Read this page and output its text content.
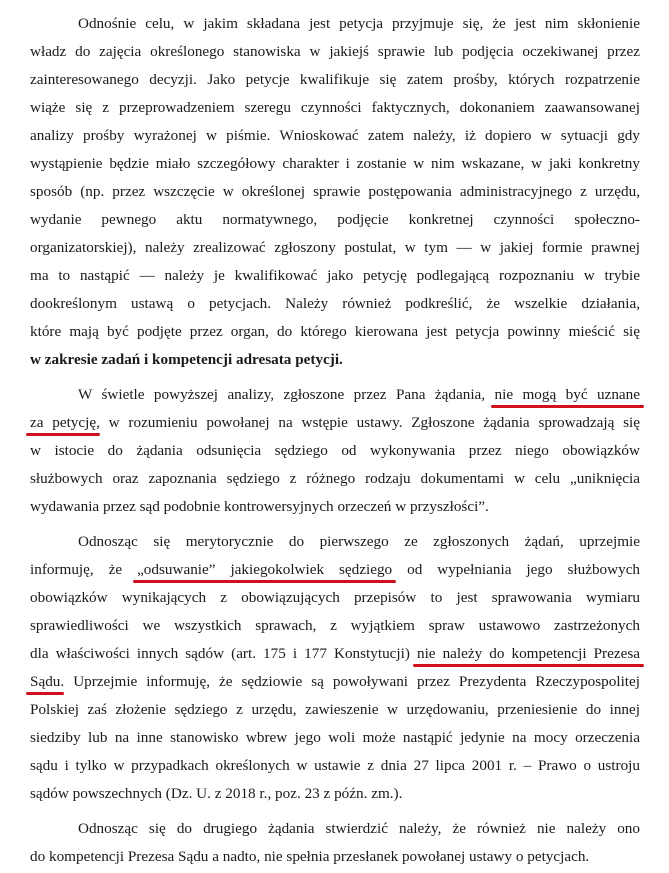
Odnośnie celu, w jakim składana jest petycja przyjmuje się, że jest nim skłonienie
władz do zajęcia określonego stanowiska w jakiejś sprawie lub podjęcia oczekiwanej przez
zainteresowanego decyzji. Jako petycje kwalifikuje się zatem prośby, których rozpatrzenie
wiąże się z przeprowadzeniem szeregu czynności faktycznych, dokonaniem zaawansowanej
analizy prośby wyrażonej w piśmie. Wnioskować zatem należy, iż dopiero w sytuacji gdy
wystąpienie będzie miało szczegółowy charakter i zostanie w nim wskazane, w jaki konkretny
sposób (np. przez wszczęcie w określonej sprawie postępowania administracyjnego z urzędu,
wydanie pewnego aktu normatywnego, podjęcie konkretnej czynności społeczno-
organizatorskiej), należy zrealizować zgłoszony postulat, w tym — w jakiej formie prawnej
ma to nastąpić — należy je kwalifikować jako petycję podlegającą rozpoznaniu w trybie
dookreślonym ustawą o petycjach. Należy również podkreślić, że wszelkie działania,
które mają być podjęte przez organ, do którego kierowana jest petycja powinny mieścić się
w zakresie zadań i kompetencji adresata petycji.
W świetle powyższej analizy, zgłoszone przez Pana żądania, nie mogą być uznane
za petycję, w rozumieniu powołanej na wstępie ustawy. Zgłoszone żądania sprowadzają się
w istocie do żądania odsunięcia sędziego od wykonywania przez niego obowiązków
służbowych oraz zapoznania sędziego z różnego rodzaju dokumentami w celu „uniknięcia
wydawania przez sąd podobnie kontrowersyjnych orzeczeń w przyszłości”.
Odnosząc się merytorycznie do pierwszego ze zgłoszonych żądań, uprzejmie
informuję, że „odsuwanie” jakiegokolwiek sędziego od wypełniania jego służbowych
obowiązków wynikających z obowiązujących przepisów to jest sprawowania wymiaru
sprawiedliwości we wszystkich sprawach, z wyjątkiem spraw ustawowo zastrzeżonych
dla właściwości innych sądów (art. 175 i 177 Konstytucji) nie należy do kompetencji Prezesa
Sądu. Uprzejmie informuję, że sędziowie są powoływani przez Prezydenta Rzeczypospolitej
Polskiej zaś złożenie sędziego z urzędu, zawieszenie w urzędowaniu, przeniesienie do innej
siedziby lub na inne stanowisko wbrew jego woli może nastąpić jedynie na mocy orzeczenia
sądu i tylko w przypadkach określonych w ustawie z dnia 27 lipca 2001 r. – Prawo o ustroju
sądów powszechnych (Dz. U. z 2018 r., poz. 23 z późn. zm.).
Odnosząc się do drugiego żądania stwierdzić należy, że również nie należy ono
do kompetencji Prezesa Sądu a nadto, nie spełnia przesłanek powołanej ustawy o petycjach.
